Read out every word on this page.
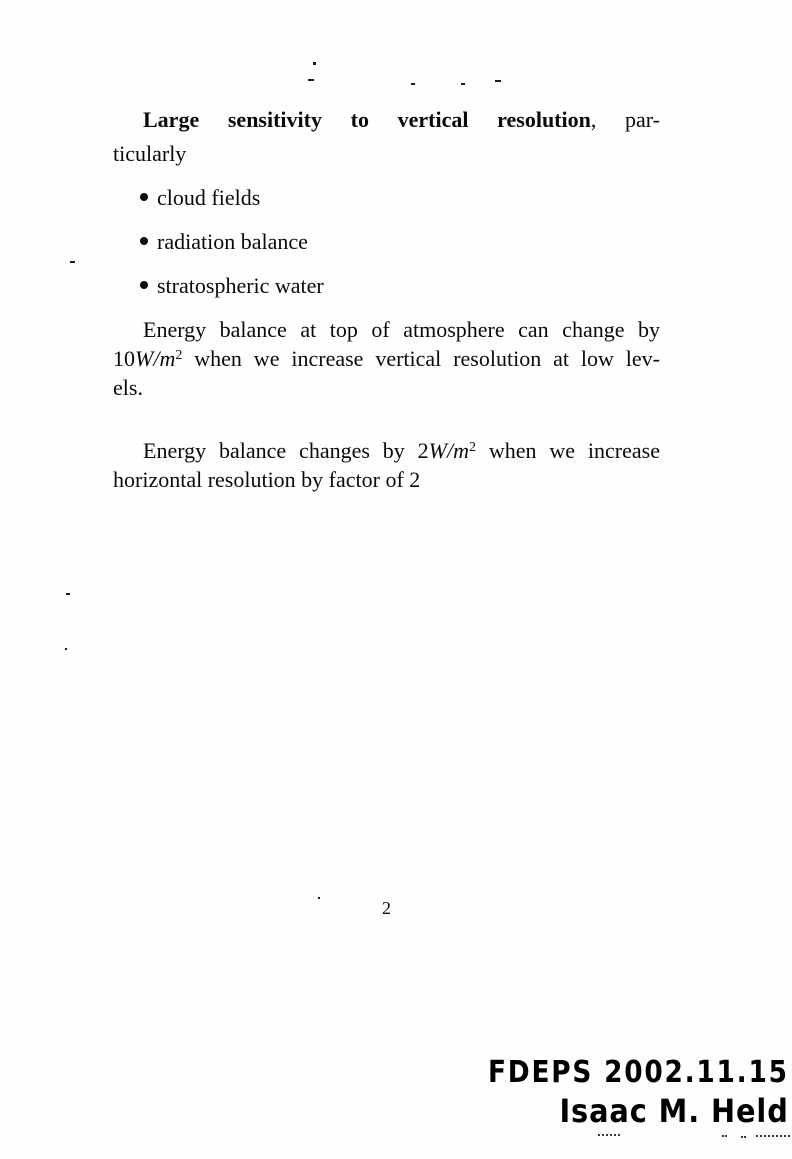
Large sensitivity to vertical resolution, par-
ticularly
cloud fields
radiation balance
stratospheric water
Energy balance at top of atmosphere can change by
$10W/m^2$ when we increase vertical resolution at low lev-
els.
Energy balance changes by $2W/m^2$ when we increase
horizontal resolution by factor of 2
2
FDEPS 2002.11.15
Isaac M. Held
